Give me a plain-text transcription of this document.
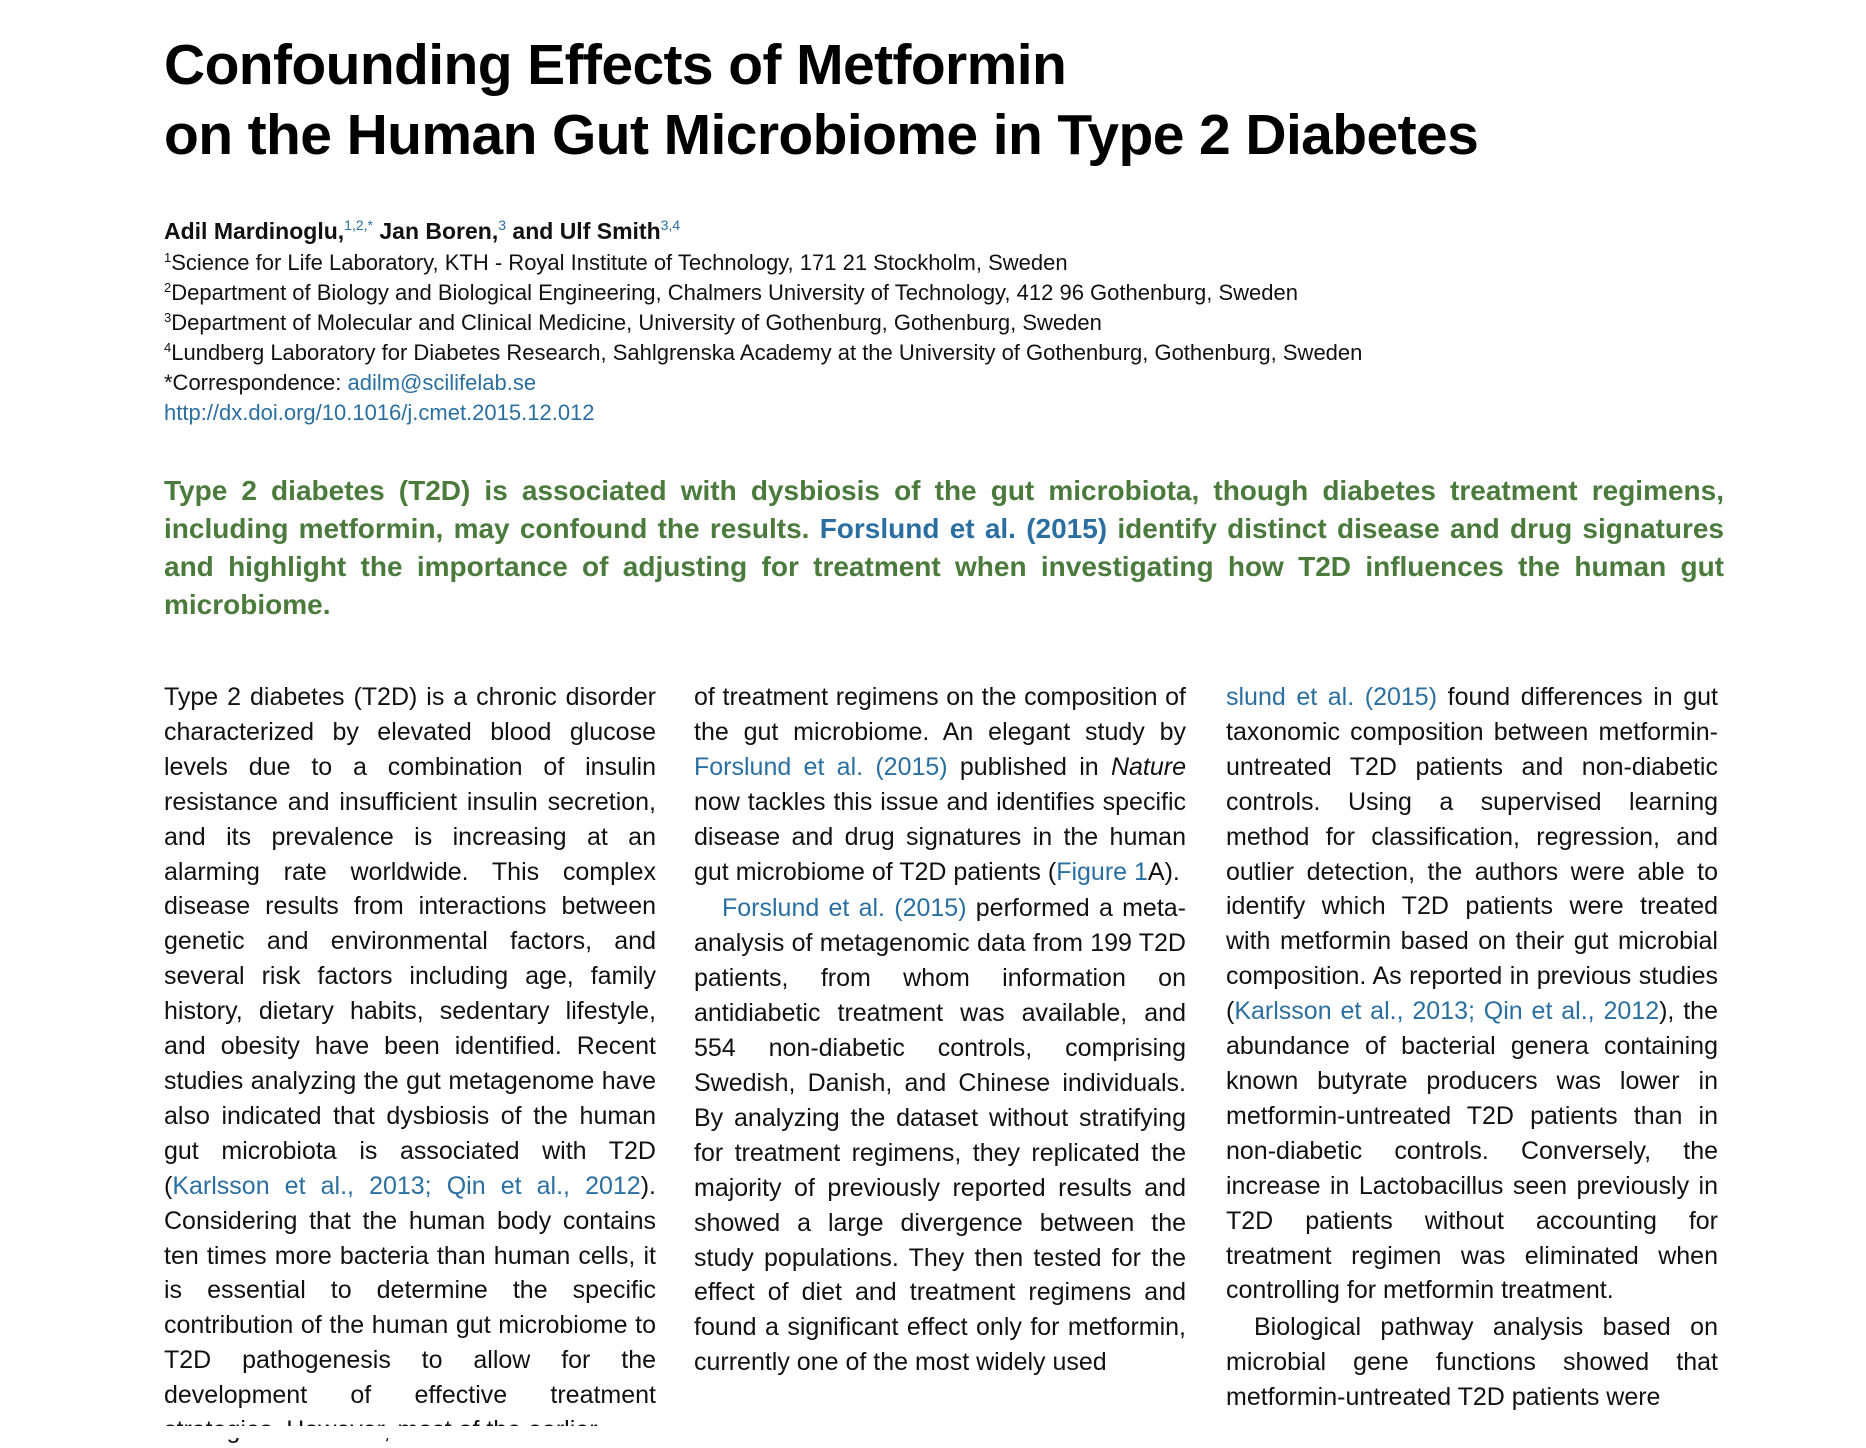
Confounding Effects of Metformin
on the Human Gut Microbiome in Type 2 Diabetes
Adil Mardinoglu,$^{1,2,*}$ Jan Boren,$^3$ and Ulf Smith$^{3,4}$
$^1$Science for Life Laboratory, KTH - Royal Institute of Technology, 171 21 Stockholm, Sweden
$^2$Department of Biology and Biological Engineering, Chalmers University of Technology, 412 96 Gothenburg, Sweden
$^3$Department of Molecular and Clinical Medicine, University of Gothenburg, Gothenburg, Sweden
$^4$Lundberg Laboratory for Diabetes Research, Sahlgrenska Academy at the University of Gothenburg, Gothenburg, Sweden
*Correspondence: adilm@scilifelab.se
http://dx.doi.org/10.1016/j.cmet.2015.12.012

Type 2 diabetes (T2D) is associated with dysbiosis of the gut microbiota, though diabetes treatment regimens, including metformin, may confound the results. Forslund et al. (2015) identify distinct disease and drug signatures and highlight the importance of adjusting for treatment when investigating how T2D influences the human gut microbiome.

Type 2 diabetes (T2D) is a chronic disorder characterized by elevated blood glucose levels due to a combination of insulin resistance and insufficient insulin secretion, and its prevalence is increasing at an alarming rate worldwide. This complex disease results from interactions between genetic and environmental factors, and several risk factors including age, family history, dietary habits, sedentary lifestyle, and obesity have been identified. Recent studies analyzing the gut metagenome have also indicated that dysbiosis of the human gut microbiota is associated with T2D (Karlsson et al., 2013; Qin et al., 2012). Considering that the human body contains ten times more bacteria than human cells, it is essential to determine the specific contribution of the human gut microbiome to T2D pathogenesis to allow for the development of effective treatment

of treatment regimens on the composition of the gut microbiome. An elegant study by Forslund et al. (2015) published in Nature now tackles this issue and identifies specific disease and drug signatures in the human gut microbiome of T2D patients (Figure 1A).

Forslund et al. (2015) performed a meta-analysis of metagenomic data from 199 T2D patients, from whom information on antidiabetic treatment was available, and 554 non-diabetic controls, comprising Swedish, Danish, and Chinese individuals. By analyzing the dataset without stratifying for treatment regimens, they replicated the majority of previously reported results and showed a large divergence between the study populations. They then tested for the effect of diet and treatment regimens and found a significant effect only for metformin, currently one of the most widely used

slund et al. (2015) found differences in gut taxonomic composition between metformin-untreated T2D patients and non-diabetic controls. Using a supervised learning method for classification, regression, and outlier detection, the authors were able to identify which T2D patients were treated with metformin based on their gut microbial composition. As reported in previous studies (Karlsson et al., 2013; Qin et al., 2012), the abundance of bacterial genera containing known butyrate producers was lower in metformin-untreated T2D patients than in non-diabetic controls. Conversely, the increase in Lactobacillus seen previously in T2D patients without accounting for treatment regimen was eliminated when controlling for metformin treatment.

Biological pathway analysis based on microbial gene functions showed that metformin-untreated T2D patients were
